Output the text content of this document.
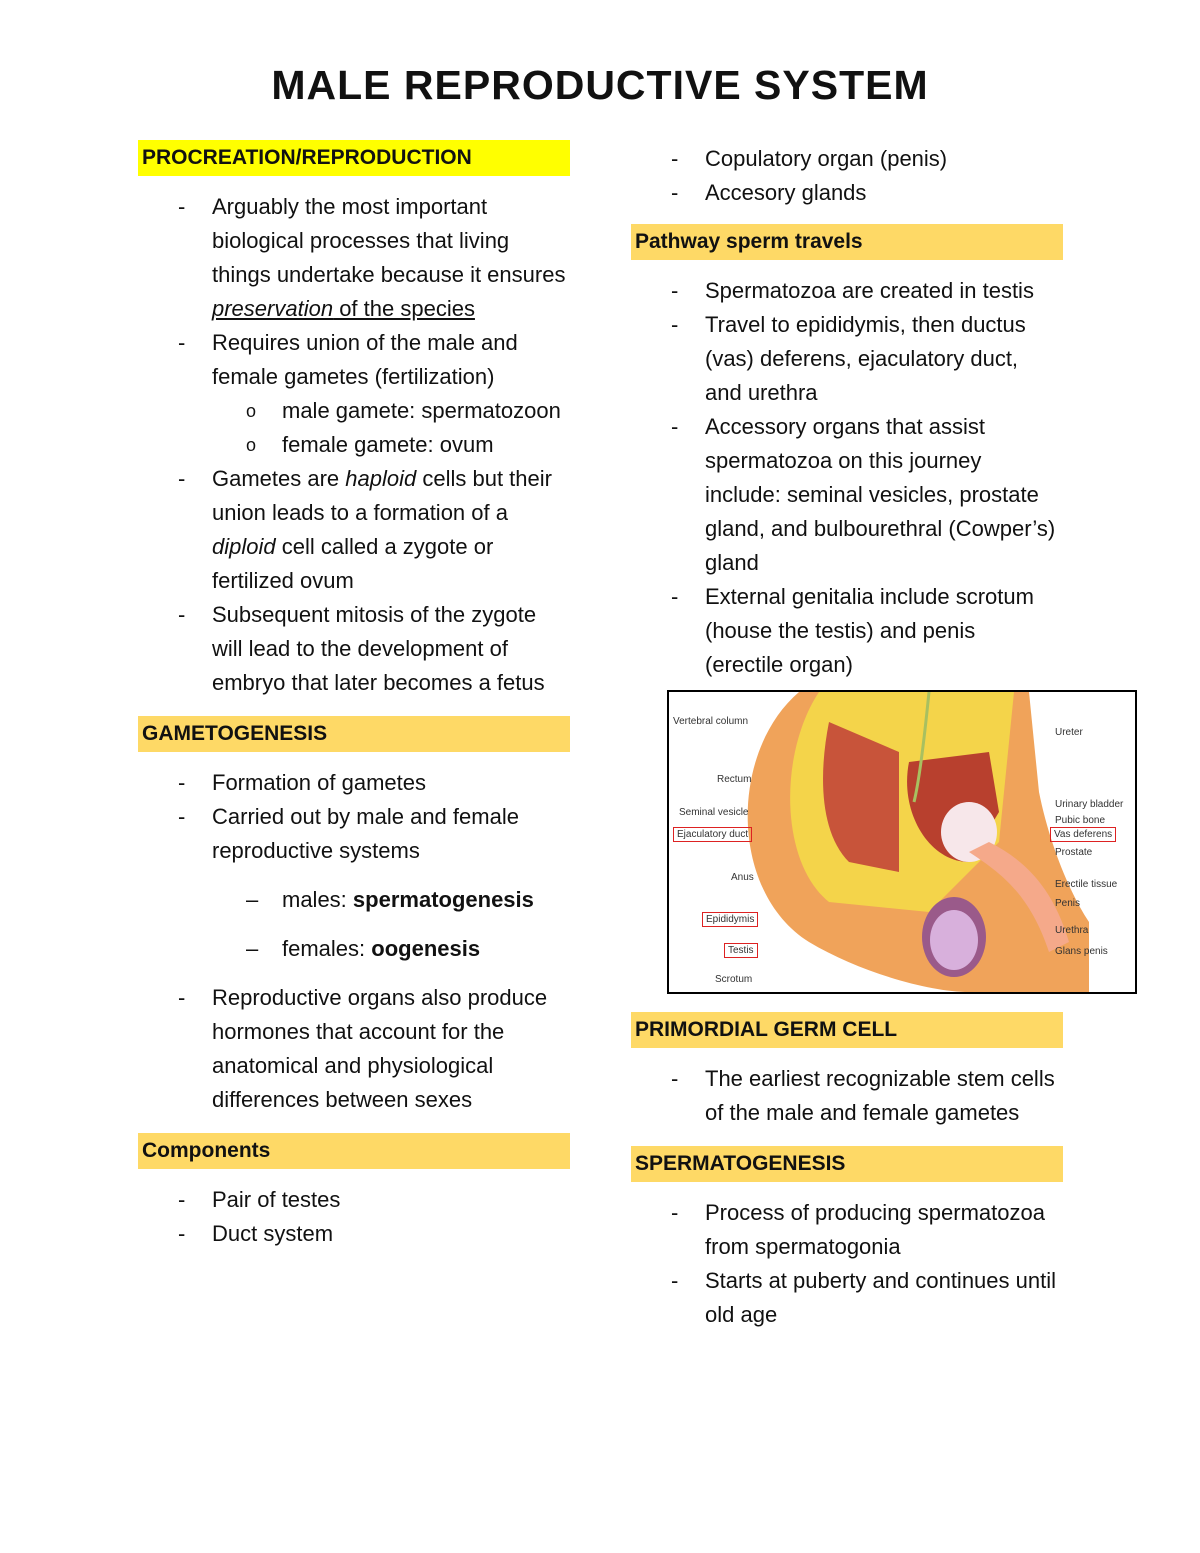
MALE REPRODUCTIVE SYSTEM
PROCREATION/REPRODUCTION
- Arguably the most important biological processes that living things undertake because it ensures preservation of the species
- Requires union of the male and female gametes (fertilization)
o male gamete: spermatozoon
o female gamete: ovum
- Gametes are haploid cells but their union leads to a formation of a diploid cell called a zygote or fertilized ovum
- Subsequent mitosis of the zygote will lead to the development of embryo that later becomes a fetus
GAMETOGENESIS
- Formation of gametes
- Carried out by male and female reproductive systems
– males: spermatogenesis
– females: oogenesis
- Reproductive organs also produce hormones that account for the anatomical and physiological differences between sexes
Components
- Pair of testes
- Duct system
- Copulatory organ (penis)
- Accesory glands
Pathway sperm travels
- Spermatozoa are created in testis
- Travel to epididymis, then ductus (vas) deferens, ejaculatory duct, and urethra
- Accessory organs that assist spermatozoa on this journey include: seminal vesicles, prostate gland, and bulbourethral (Cowper’s) gland
- External genitalia include scrotum (house the testis) and penis (erectile organ)
Vertebral column
Rectum
Seminal vesicle
Ejaculatory duct
Anus
Epididymis
Testis
Scrotum
Ureter
Urinary bladder
Pubic bone
Vas deferens
Prostate
Erectile tissue
Penis
Urethra
Glans penis
PRIMORDIAL GERM CELL
- The earliest recognizable stem cells of the male and female gametes
SPERMATOGENESIS
- Process of producing spermatozoa from spermatogonia
- Starts at puberty and continues until old age
